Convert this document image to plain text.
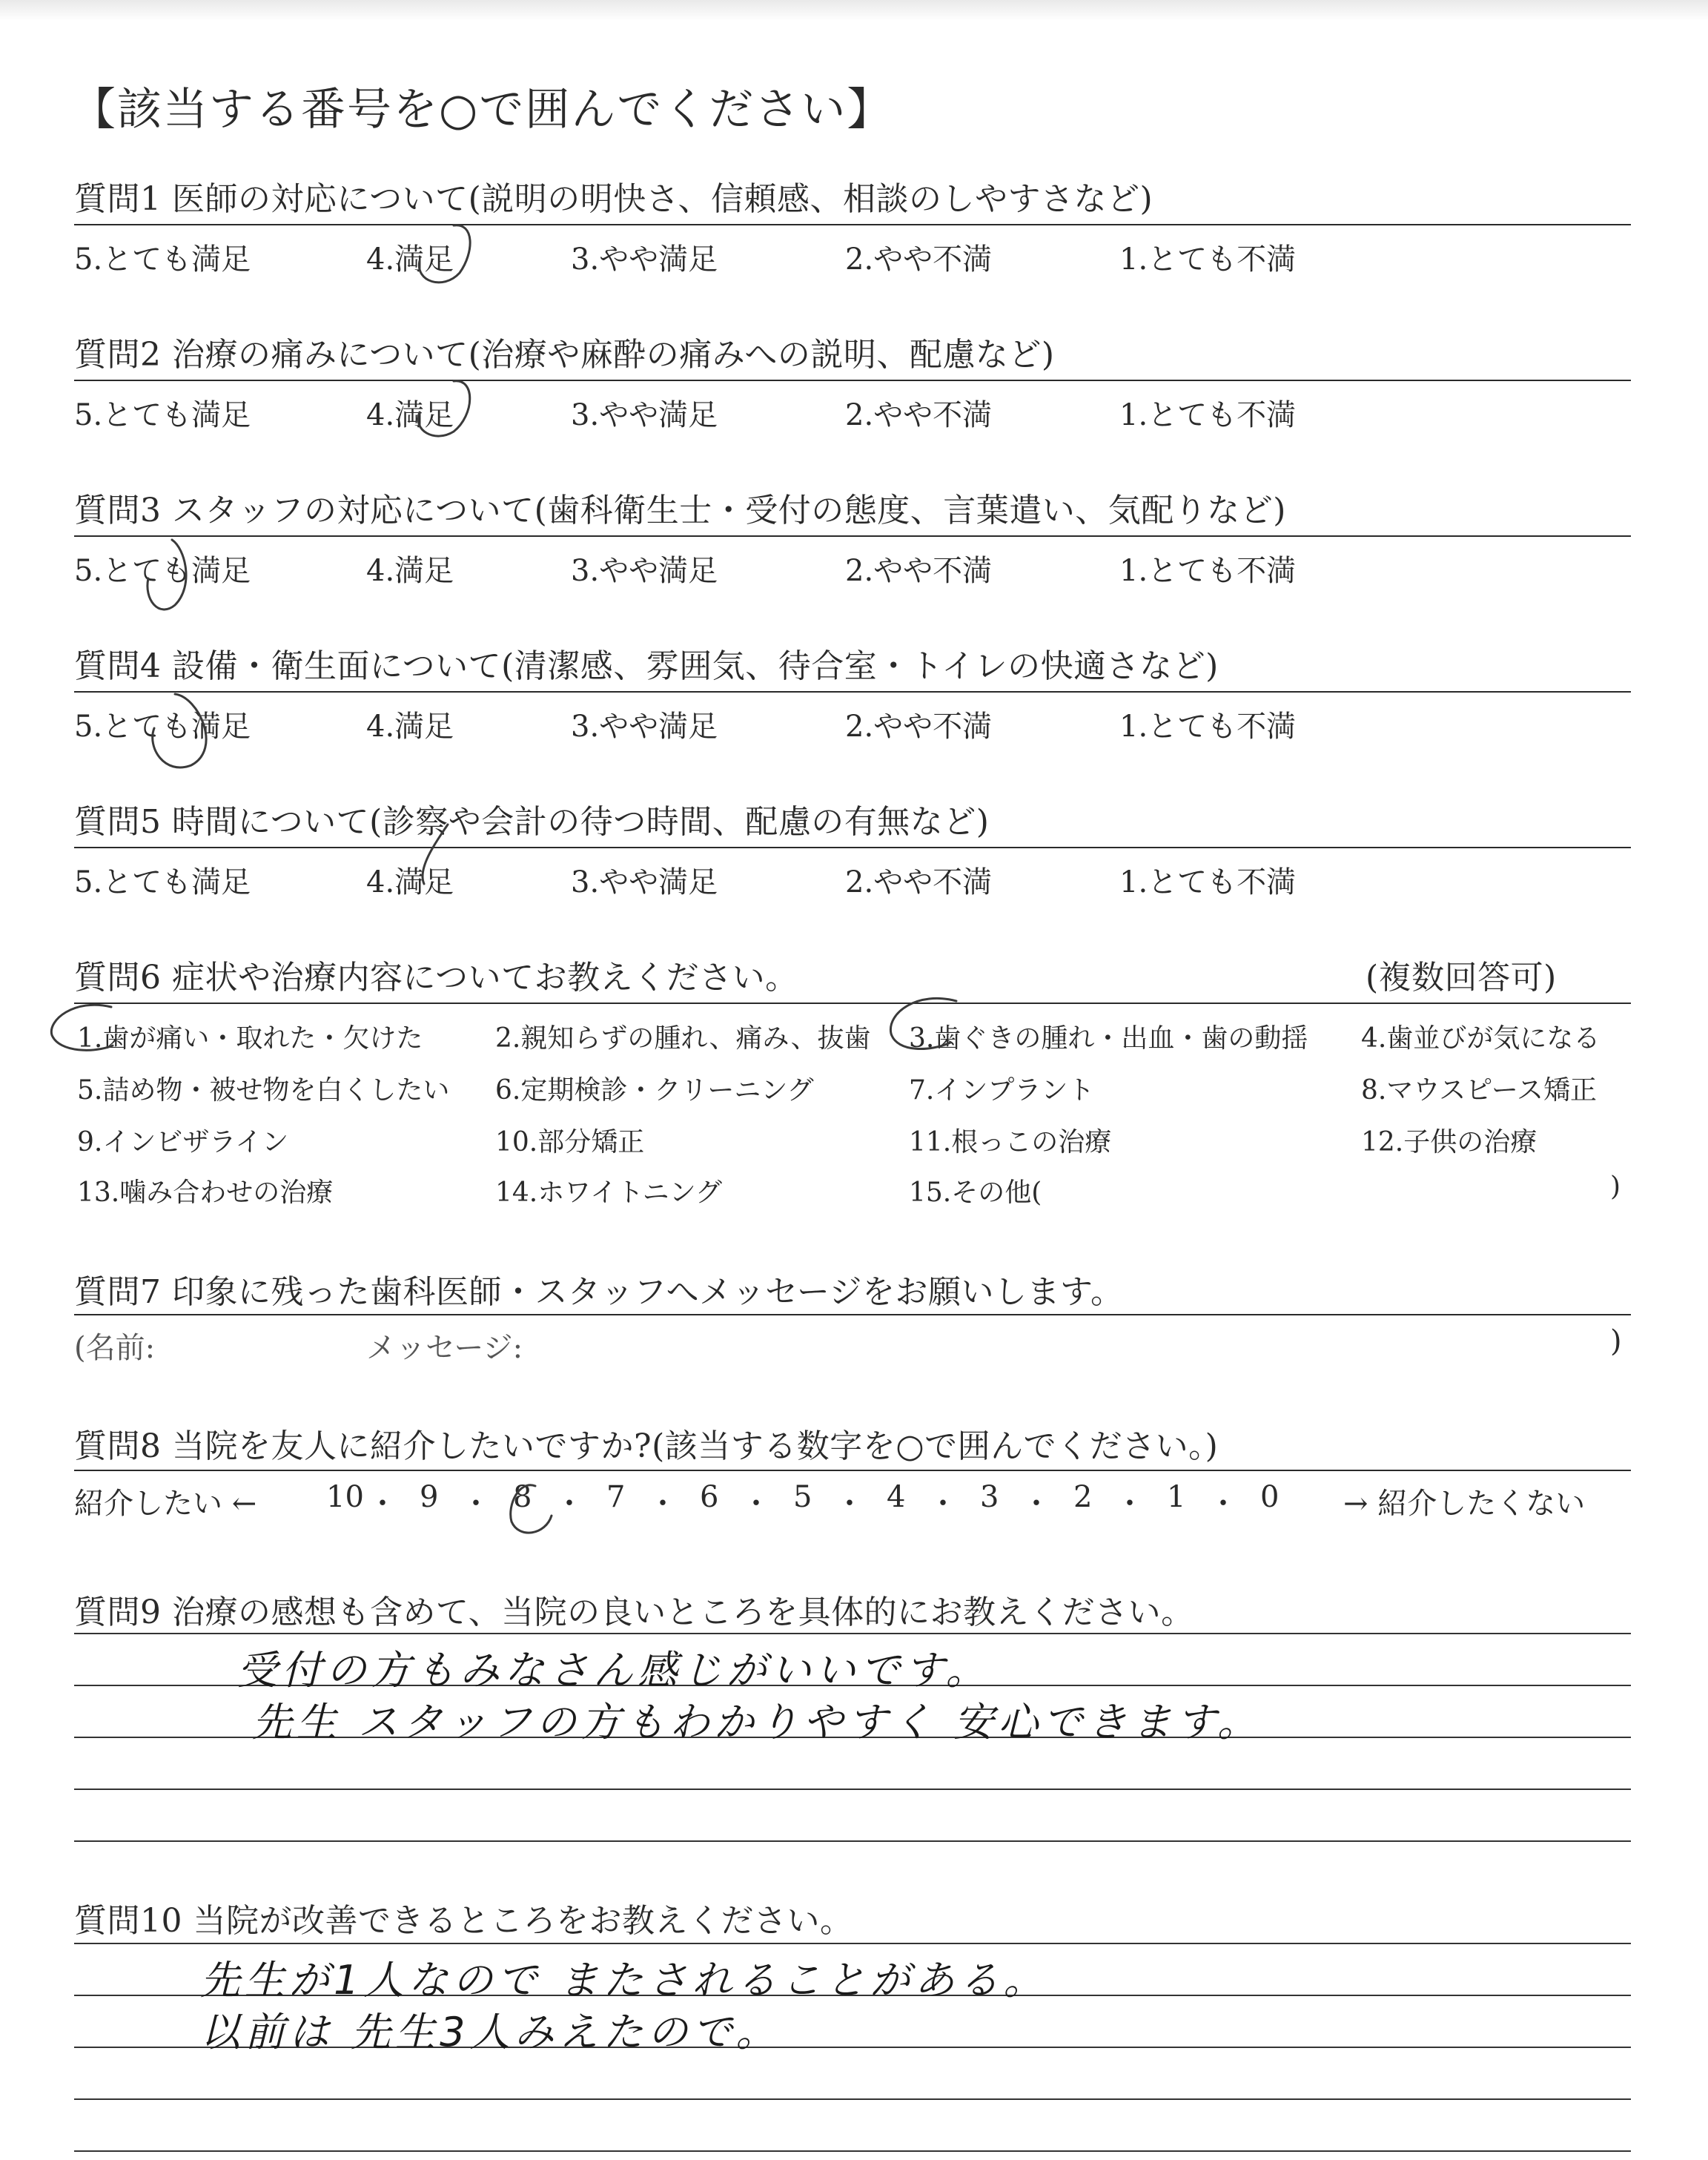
【該当する番号を○で囲んでください】
質問1 医師の対応について(説明の明快さ、信頼感、相談のしやすさなど)
5.とても満足	4.満足	3.やや満足	2.やや不満	1.とても不満
質問2 治療の痛みについて(治療や麻酔の痛みへの説明、配慮など)
5.とても満足	4.満足	3.やや満足	2.やや不満	1.とても不満
質問3 スタッフの対応について(歯科衛生士・受付の態度、言葉遣い、気配りなど)
5.とても満足	4.満足	3.やや満足	2.やや不満	1.とても不満
質問4 設備・衛生面について(清潔感、雰囲気、待合室・トイレの快適さなど)
5.とても満足	4.満足	3.やや満足	2.やや不満	1.とても不満
質問5 時間について(診察や会計の待つ時間、配慮の有無など)
5.とても満足	4.満足	3.やや満足	2.やや不満	1.とても不満
質問6 症状や治療内容についてお教えください。	(複数回答可)
1.歯が痛い・取れた・欠けた	2.親知らずの腫れ、痛み、抜歯 3.歯ぐきの腫れ・出血・歯の動揺 4.歯並びが気になる
5.詰め物・被せ物を白くしたい 6.定期検診・クリーニング	7.インプラント	8.マウスピース矯正
9.インビザライン	10.部分矯正	11.根っこの治療	12.子供の治療
13.噛み合わせの治療	14.ホワイトニング	15.その他(	)
質問7 印象に残った歯科医師・スタッフへメッセージをお願いします。
(名前:	メッセージ:	)
質問8 当院を友人に紹介したいですか?(該当する数字を○で囲んでください。)
紹介したい ← 10 ・ 9 ・ 8 ・ 7 ・ 6 ・ 5 ・ 4 ・ 3 ・ 2 ・ 1 ・ 0 → 紹介したくない
質問9 治療の感想も含めて、当院の良いところを具体的にお教えください。
受付の方もみなさん感じがいいです。
先生 スタッフの方もわかりやすく 安心できます。
質問10 当院が改善できるところをお教えください。
先生が1人なので またされることがある。
以前は 先生3人みえたので。
